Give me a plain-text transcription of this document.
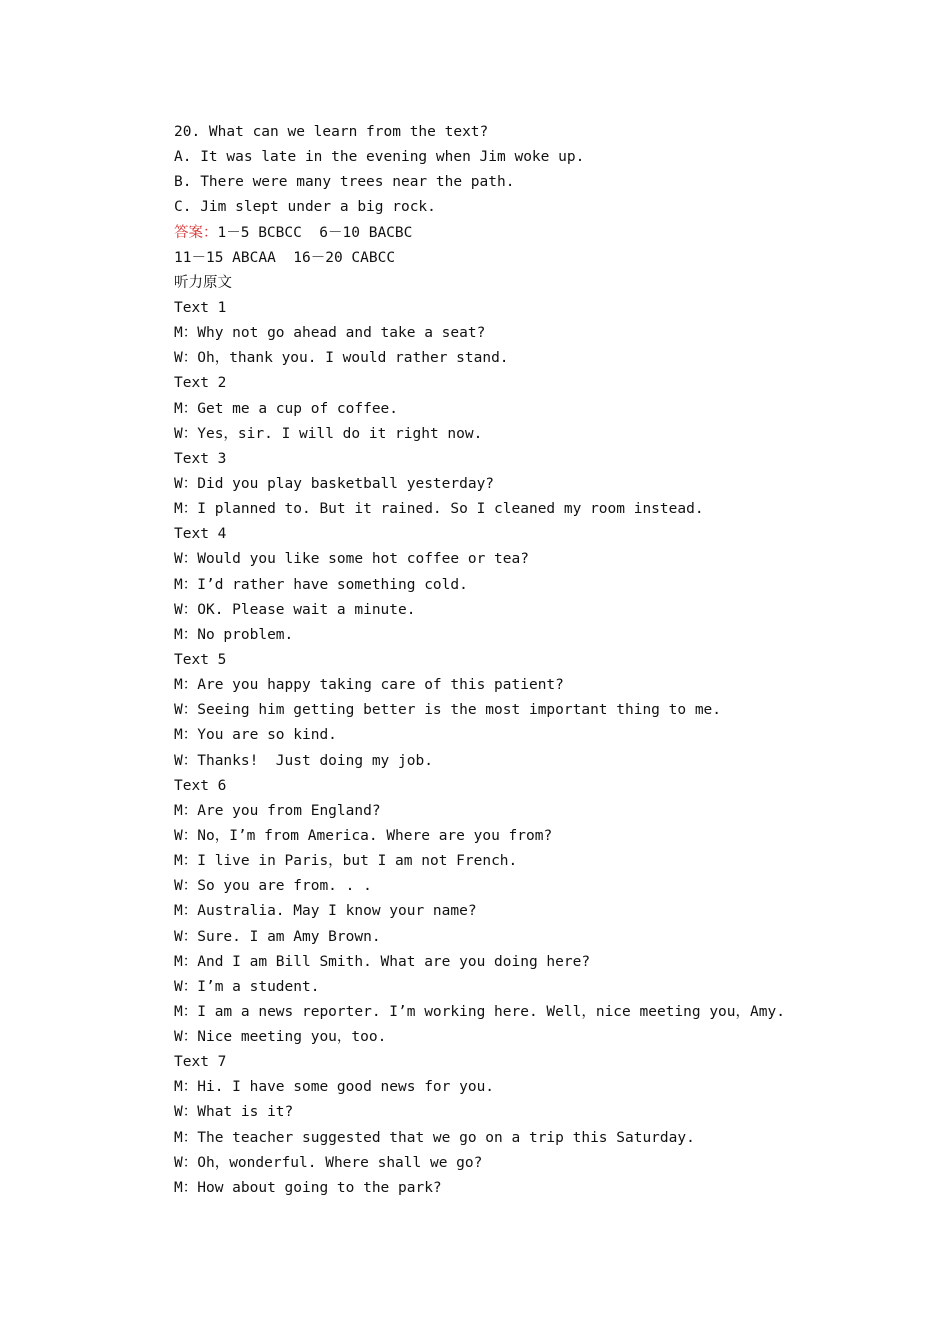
20. What can we learn from the text?
A. It was late in the evening when Jim woke up.
B. There were many trees near the path.
C. Jim slept under a big rock.
答案：1－5 BCBCC  6－10 BACBC
11－15 ABCAA  16－20 CABCC
听力原文
Text 1
M：Why not go ahead and take a seat?
W：Oh，thank you. I would rather stand.
Text 2
M：Get me a cup of coffee.
W：Yes，sir. I will do it right now.
Text 3
W：Did you play basketball yesterday?
M：I planned to. But it rained. So I cleaned my room instead.
Text 4
W：Would you like some hot coffee or tea?
M：I’d rather have something cold.
W：OK. Please wait a minute.
M：No problem.
Text 5
M：Are you happy taking care of this patient?
W：Seeing him getting better is the most important thing to me.
M：You are so kind.
W：Thanks!  Just doing my job.
Text 6
M：Are you from England?
W：No，I’m from America. Where are you from?
M：I live in Paris，but I am not French.
W：So you are from. . .
M：Australia. May I know your name?
W：Sure. I am Amy Brown.
M：And I am Bill Smith. What are you doing here?
W：I’m a student.
M：I am a news reporter. I’m working here. Well，nice meeting you，Amy.
W：Nice meeting you，too.
Text 7
M：Hi. I have some good news for you.
W：What is it?
M：The teacher suggested that we go on a trip this Saturday.
W：Oh，wonderful. Where shall we go?
M：How about going to the park?
